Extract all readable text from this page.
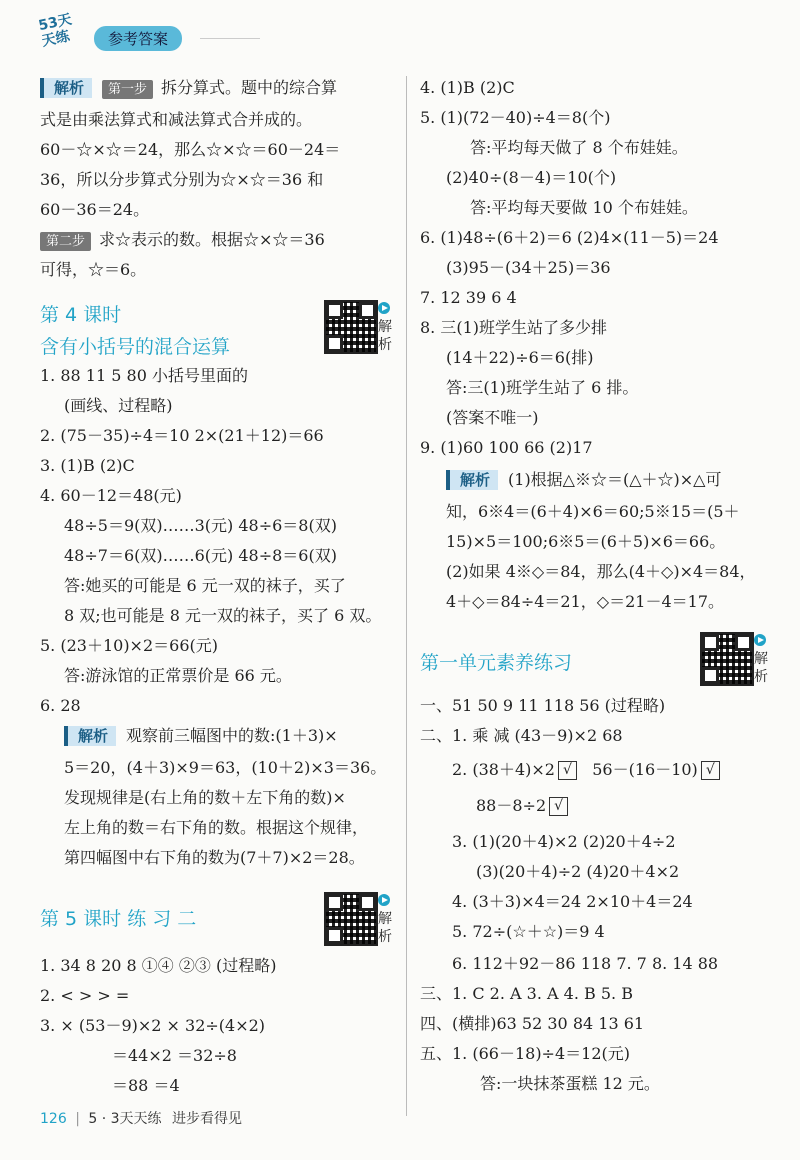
53天天练	参考答案
解析 第一步 拆分算式。题中的综合算
式是由乘法算式和减法算式合并成的。
60－☆×☆＝24，那么☆×☆＝60－24＝
36，所以分步算式分别为☆×☆＝36 和
60－36＝24。
第二步 求☆表示的数。根据☆×☆＝36
可得，☆＝6。
第 4 课时
含有小括号的混合运算
解
析
1. 88 11 5 80 小括号里面的
(画线、过程略)
2. (75－35)÷4＝10 2×(21＋12)＝66
3. (1)B (2)C
4. 60－12＝48(元)
48÷5＝9(双)……3(元) 48÷6＝8(双)
48÷7＝6(双)……6(元) 48÷8＝6(双)
答:她买的可能是 6 元一双的袜子，买了
8 双;也可能是 8 元一双的袜子，买了 6 双。
5. (23＋10)×2＝66(元)
答:游泳馆的正常票价是 66 元。
6. 28
解析 观察前三幅图中的数:(1＋3)×
5＝20，(4＋3)×9＝63，(10＋2)×3＝36。
发现规律是(右上角的数＋左下角的数)×
左上角的数＝右下角的数。根据这个规律，
第四幅图中右下角的数为(7＋7)×2＝28。
第 5 课时 练 习 二	解
析
1. 34 8 20 8 ①④ ②③ (过程略)
2. < > > =
3. × (53－9)×2 × 32÷(4×2)
＝44×2 ＝32÷8
＝88 ＝4
4. (1)B (2)C
5. (1)(72－40)÷4＝8(个)
答:平均每天做了 8 个布娃娃。
(2)40÷(8－4)＝10(个)
答:平均每天要做 10 个布娃娃。
6. (1)48÷(6＋2)＝6 (2)4×(11－5)＝24
(3)95－(34＋25)＝36
7. 12 39 6 4
8. 三(1)班学生站了多少排
(14＋22)÷6＝6(排)
答:三(1)班学生站了 6 排。
(答案不唯一)
9. (1)60 100 66 (2)17
解析 (1)根据△※☆＝(△＋☆)×△可
知，6※4＝(6＋4)×6＝60;5※15＝(5＋
15)×5＝100;6※5＝(6＋5)×6＝66。
(2)如果 4※◇＝84，那么(4＋◇)×4＝84，
4＋◇＝84÷4＝21，◇＝21－4＝17。
第一单元素养练习	解
析
一、51 50 9 11 118 56 (过程略)
二、1. 乘 减 (43－9)×2 68
2. (38＋4)×2 √ 56－(16－10) √
88－8÷2 √
3. (1)(20＋4)×2 (2)20＋4÷2
(3)(20＋4)÷2 (4)20＋4×2
4. (3＋3)×4＝24 2×10＋4＝24
5. 72÷(☆＋☆)＝9 4
6. 112＋92－86 118 7. 7 8. 14 88
三、1. C 2. A 3. A 4. B 5. B
四、(横排)63 52 30 84 13 61
五、1. (66－18)÷4＝12(元)
答:一块抹茶蛋糕 12 元。
126 | 5 · 3天天练 进步看得见
